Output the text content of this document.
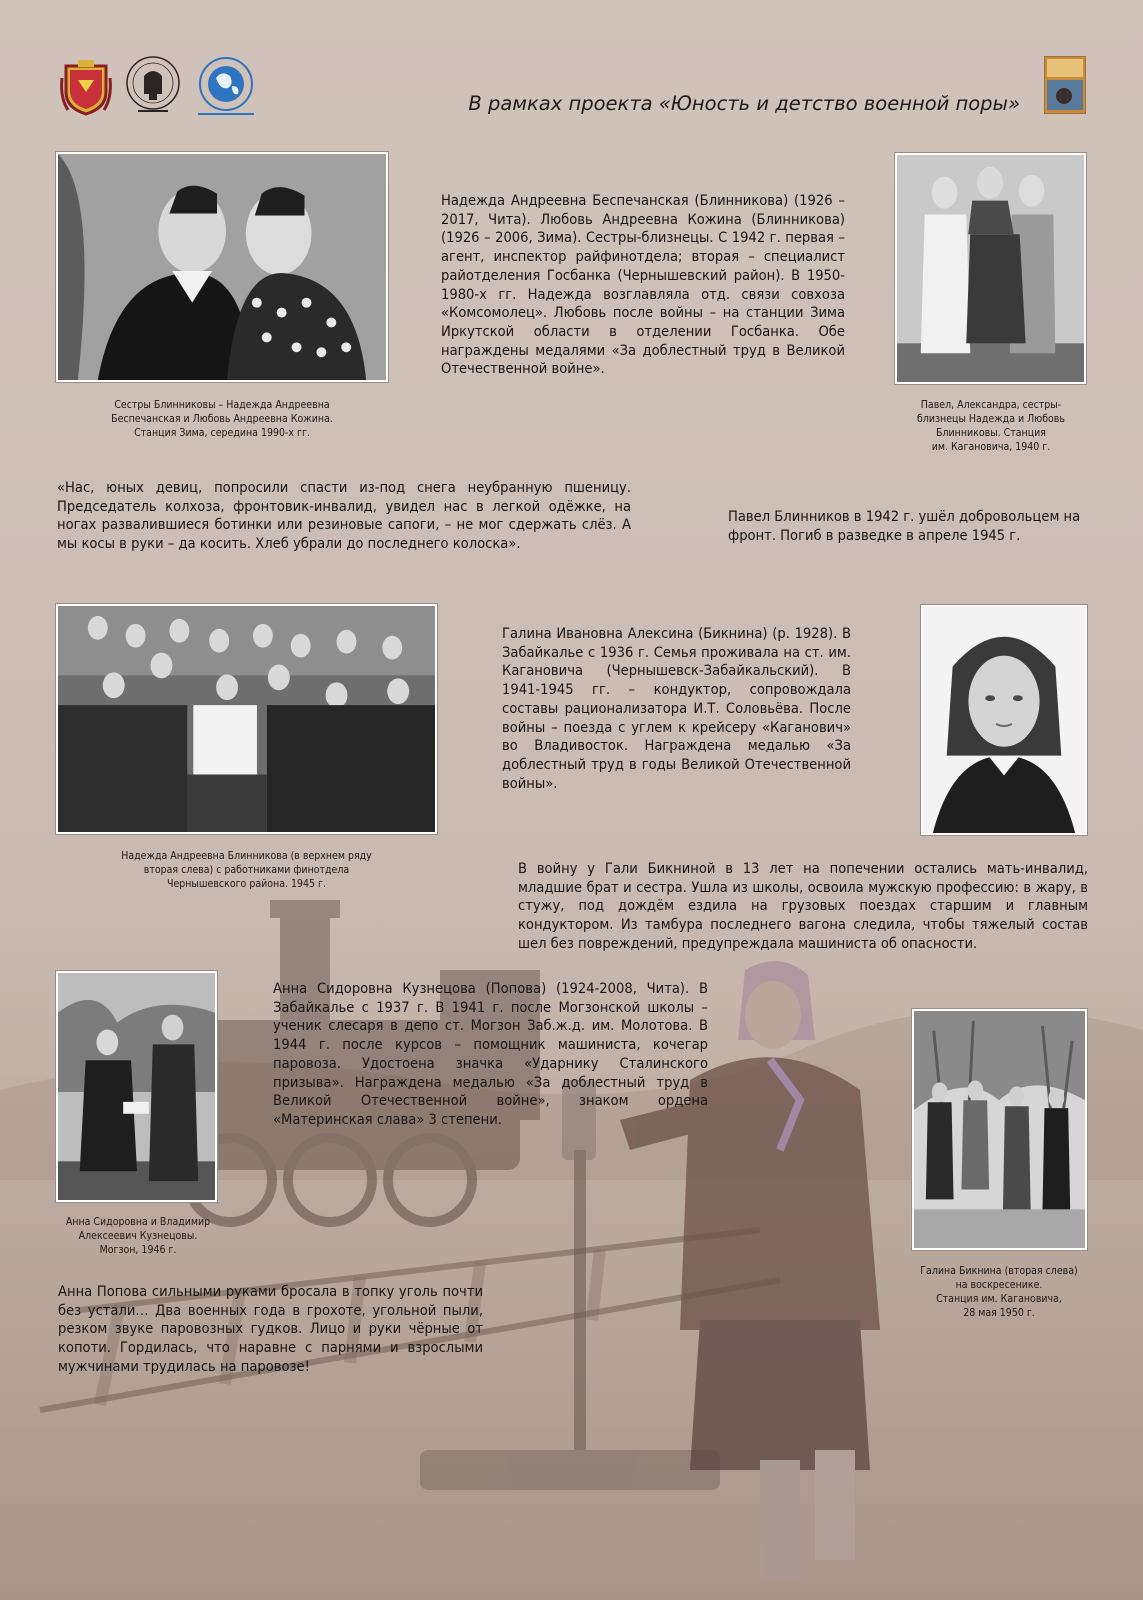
В рамках проекта «Юность и детство военной поры»
Сестры Блинниковы – Надежда Андреевна
Беспечанская и Любовь Андреевна Кожина.
Станция Зима, середина 1990-х гг.
Надежда Андреевна Беспечанская (Блинникова) (1926 –2017, Чита). Любовь Андреевна Кожина (Блинникова) (1926 – 2006, Зима). Сестры-близнецы. С 1942 г. первая – агент, инспектор райфинотдела; вторая – специалист райотделения Госбанка (Чернышевский район). В 1950-1980-х гг. Надежда возглавляла отд. связи совхоза «Комсомолец». Любовь после войны – на станции Зима Иркутской области в отделении Госбанка. Обе награждены медалями «За доблестный труд в Великой Отечественной войне».
Павел, Александра, сестры-
близнецы Надежда и Любовь
Блинниковы. Станция
им. Кагановича, 1940 г.
«Нас, юных девиц, попросили спасти из-под снега неубранную пшеницу. Председатель колхоза, фронтовик-инвалид, увидел нас в легкой одёжке, на ногах развалившиеся ботинки или резиновые сапоги, – не мог сдержать слёз. А мы косы в руки – да косить. Хлеб убрали до последнего колоска».
Павел Блинников в 1942 г. ушёл добровольцем на фронт. Погиб в разведке в апреле 1945 г.
Надежда Андреевна Блинникова (в верхнем ряду
вторая слева) с работниками финотдела
Чернышевского района. 1945 г.
Галина Ивановна Алексина (Бикнина) (р. 1928). В Забайкалье с 1936 г. Семья проживала на ст. им. Кагановича (Чернышевск-Забайкальский). В 1941-1945 гг. – кондуктор, сопровождала составы рационализатора И.Т. Соловьёва. После войны – поезда с углем к крейсеру «Каганович» во Владивосток. Награждена медалью «За доблестный труд в годы Великой Отечественной войны».
В войну у Гали Бикниной в 13 лет на попечении остались мать-инвалид, младшие брат и сестра. Ушла из школы, освоила мужскую профессию: в жару, в стужу, под дождём ездила на грузовых поездах старшим и главным кондуктором. Из тамбура последнего вагона следила, чтобы тяжелый состав шел без повреждений, предупреждала машиниста об опасности.
Анна Сидоровна и Владимир
Алексеевич Кузнецовы.
Могзон, 1946 г.
Анна Сидоровна Кузнецова (Попова) (1924-2008, Чита). В Забайкалье с 1937 г. В 1941 г. после Могзонской школы – ученик слесаря в депо ст. Могзон Заб.ж.д. им. Молотова. В 1944 г. после курсов – помощник машиниста, кочегар паровоза. Удостоена значка «Ударнику Сталинского призыва». Награждена медалью «За доблестный труд в Великой Отечественной войне», знаком ордена «Материнская слава» 3 степени.
Галина Бикнина (вторая слева)
на воскресенике.
Станция им. Кагановича,
28 мая 1950 г.
Анна Попова сильными руками бросала в топку уголь почти без устали… Два военных года в грохоте, угольной пыли, резком звуке паровозных гудков. Лицо и руки чёрные от копоти. Гордилась, что наравне с парнями и взрослыми мужчинами трудилась на паровозе!
